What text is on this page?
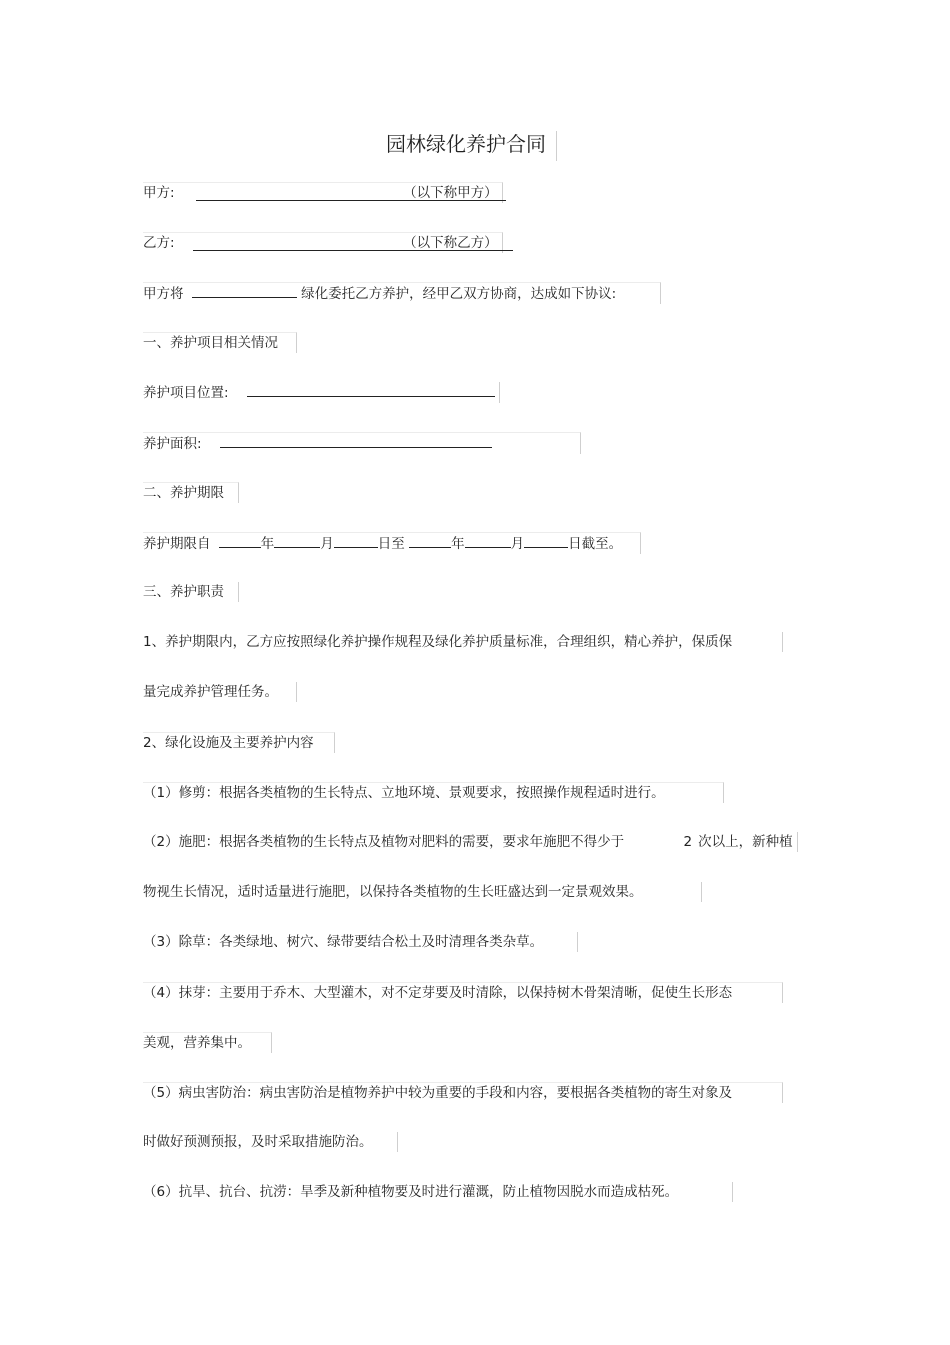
园林绿化养护合同
甲方:	（以下称甲方）
乙方:	（以下称乙方）
甲方将	绿化委托乙方养护，经甲乙双方协商，达成如下协议:
一、养护项目相关情况
养护项目位置:
养护面积:
二、养护期限
养护期限自	年	月	日至	年	月	日截至。
三、养护职责
1、养护期限内，乙方应按照绿化养护操作规程及绿化养护质量标准，合理组织，精心养护，保质保
量完成养护管理任务。
2、绿化设施及主要养护内容
（1）修剪：根据各类植物的生长特点、立地环境、景观要求，按照操作规程适时进行。
（2）施肥：根据各类植物的生长特点及植物对肥料的需要，要求年施肥不得少于	2 次以上，新种植
物视生长情况，适时适量进行施肥，以保持各类植物的生长旺盛达到一定景观效果。
（3）除草：各类绿地、树穴、绿带要结合松土及时清理各类杂草。
（4）抹芽：主要用于乔木、大型灌木，对不定芽要及时清除，以保持树木骨架清晰，促使生长形态
美观，营养集中。
（5）病虫害防治：病虫害防治是植物养护中较为重要的手段和内容，要根据各类植物的寄生对象及
时做好预测预报，及时采取措施防治。
（6）抗旱、抗台、抗涝：旱季及新种植物要及时进行灌溉，防止植物因脱水而造成枯死。
